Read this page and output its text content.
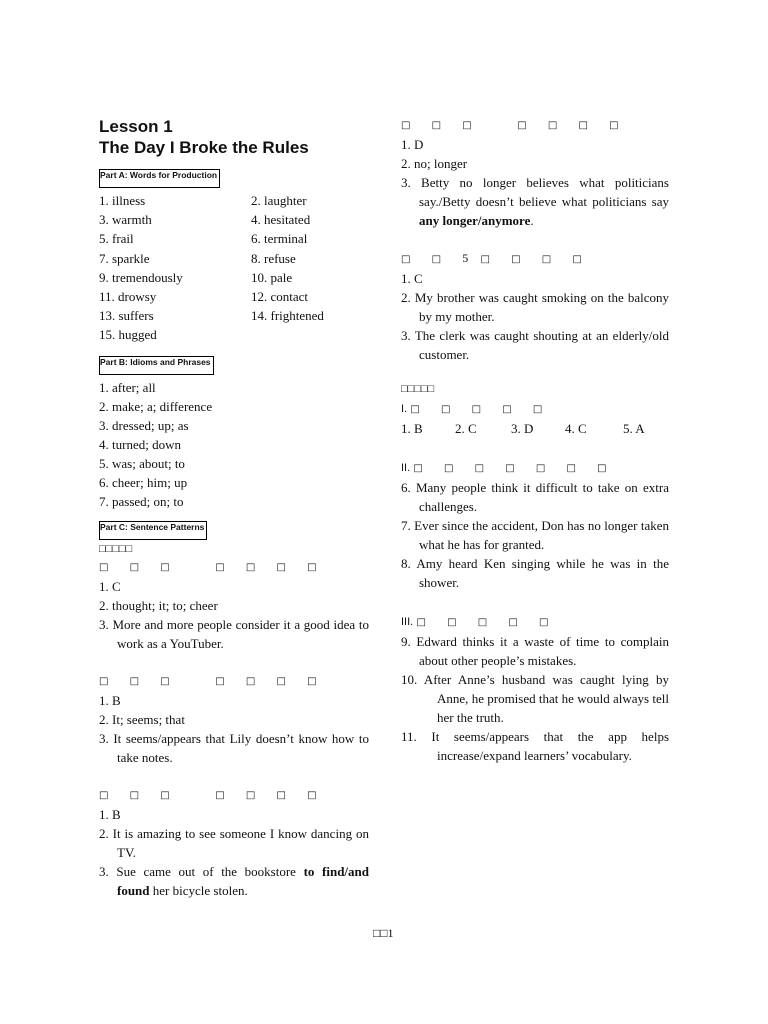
Lesson 1
The Day I Broke the Rules
Part A: Words for Production
1. illness	2. laughter
3. warmth	4. hesitated
5. frail	6. terminal
7. sparkle	8. refuse
9. tremendously	10. pale
11. drowsy	12. contact
13. suffers	14. frightened
15. hugged
Part B: Idioms and Phrases
1. after; all
2. make; a; difference
3. dressed; up; as
4. turned; down
5. was; about; to
6. cheer; him; up
7. passed; on; to
Part C: Sentence Patterns
□□□□□
□ □ □   □ □ □ □
1. C
2. thought; it; to; cheer
3. More and more people consider it a good idea to work as a YouTuber.
□ □ □   □ □ □ □
1. B
2. It; seems; that
3. It seems/appears that Lily doesn’t know how to take notes.
□ □ □   □ □ □ □
1. B
2. It is amazing to see someone I know dancing on TV.
3. Sue came out of the bookstore to find/and found her bicycle stolen.
□ □ □   □ □ □ □
1. D
2. no; longer
3. Betty no longer believes what politicians say./Betty doesn’t believe what politicians say any longer/anymore.
□ □ 5 □ □ □ □
1. C
2. My brother was caught smoking on the balcony by my mother.
3. The clerk was caught shouting at an elderly/old customer.
□□□□□
I. □ □ □ □ □
1. B	2. C	3. D	4. C	5. A
II. □ □ □ □ □ □ □
6. Many people think it difficult to take on extra challenges.
7. Ever since the accident, Don has no longer taken what he has for granted.
8. Amy heard Ken singing while he was in the shower.
III. □ □ □ □ □
9. Edward thinks it a waste of time to complain about other people’s mistakes.
10. After Anne’s husband was caught lying by Anne, he promised that he would always tell her the truth.
11. It seems/appears that the app helps increase/expand learners’ vocabulary.
□□1
